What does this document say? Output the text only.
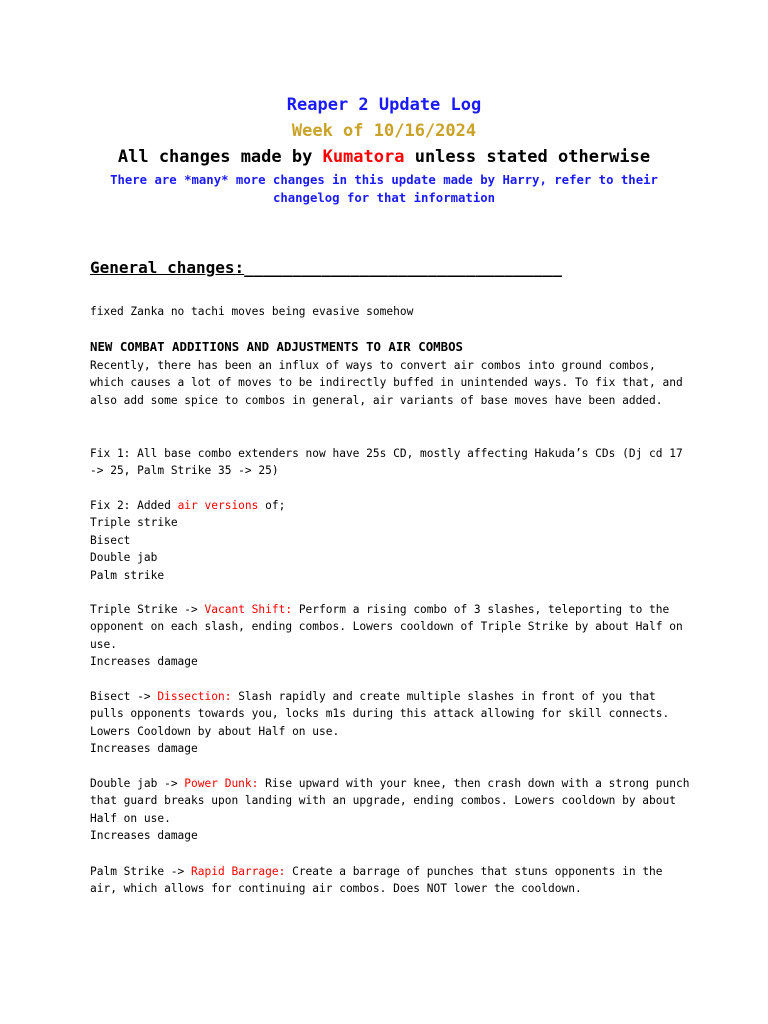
Reaper 2 Update Log
Week of 10/16/2024
All changes made by Kumatora unless stated otherwise
There are *many* more changes in this update made by Harry, refer to their changelog for that information
General changes:_________________________________
fixed Zanka no tachi moves being evasive somehow
NEW COMBAT ADDITIONS AND ADJUSTMENTS TO AIR COMBOS
Recently, there has been an influx of ways to convert air combos into ground combos, which causes a lot of moves to be indirectly buffed in unintended ways. To fix that, and also add some spice to combos in general, air variants of base moves have been added.
Fix 1: All base combo extenders now have 25s CD, mostly affecting Hakuda’s CDs (Dj cd 17 -> 25, Palm Strike 35 -> 25)
Fix 2: Added air versions of;
Triple strike
Bisect
Double jab
Palm strike
Triple Strike -> Vacant Shift: Perform a rising combo of 3 slashes, teleporting to the opponent on each slash, ending combos. Lowers cooldown of Triple Strike by about Half on use.
Increases damage
Bisect -> Dissection: Slash rapidly and create multiple slashes in front of you that pulls opponents towards you, locks m1s during this attack allowing for skill connects. Lowers Cooldown by about Half on use.
Increases damage
Double jab -> Power Dunk: Rise upward with your knee, then crash down with a strong punch that guard breaks upon landing with an upgrade, ending combos. Lowers cooldown by about Half on use.
Increases damage
Palm Strike -> Rapid Barrage: Create a barrage of punches that stuns opponents in the air, which allows for continuing air combos. Does NOT lower the cooldown.
